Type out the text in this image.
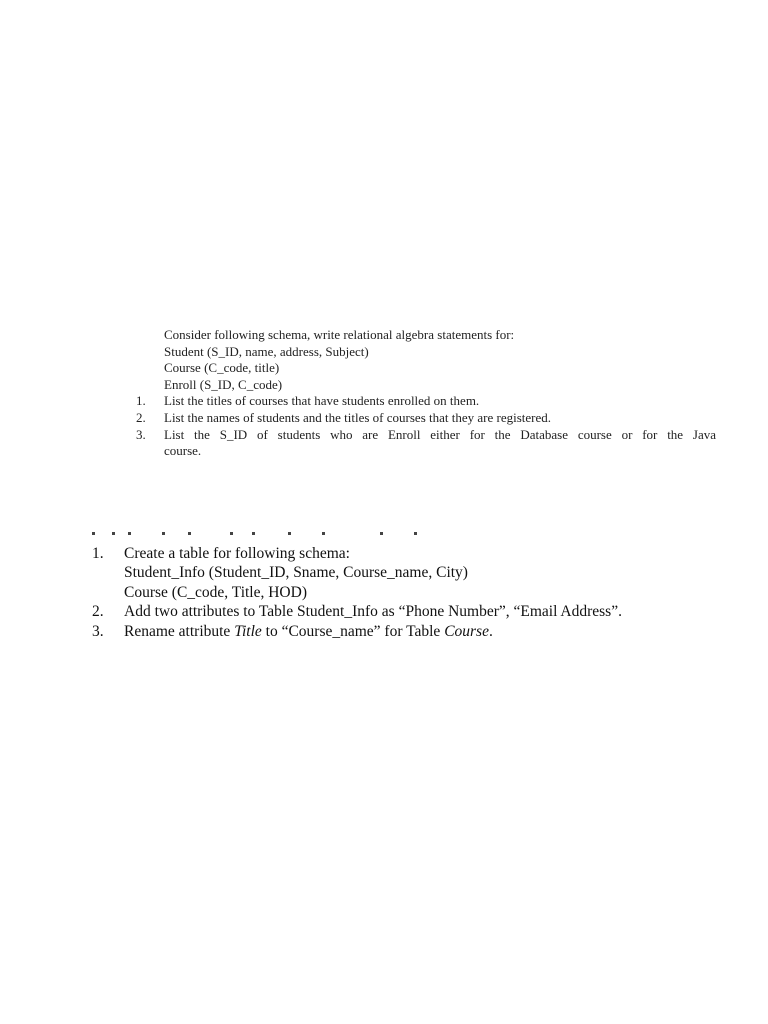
Consider following schema, write relational algebra statements for:
Student (S_ID, name, address, Subject)
Course (C_code, title)
Enroll (S_ID, C_code)
1.	List the titles of courses that have students enrolled on them.
2.	List the names of students and the titles of courses that they are registered.
3.	List the S_ID of students who are Enroll either for the Database course or for the Java
course.
1.	Create a table for following schema:
Student_Info (Student_ID, Sname, Course_name, City)
Course (C_code, Title, HOD)
2.	Add two attributes to Table Student_Info as “Phone Number”, “Email Address”.
3.	Rename attribute Title to “Course_name” for Table Course.
